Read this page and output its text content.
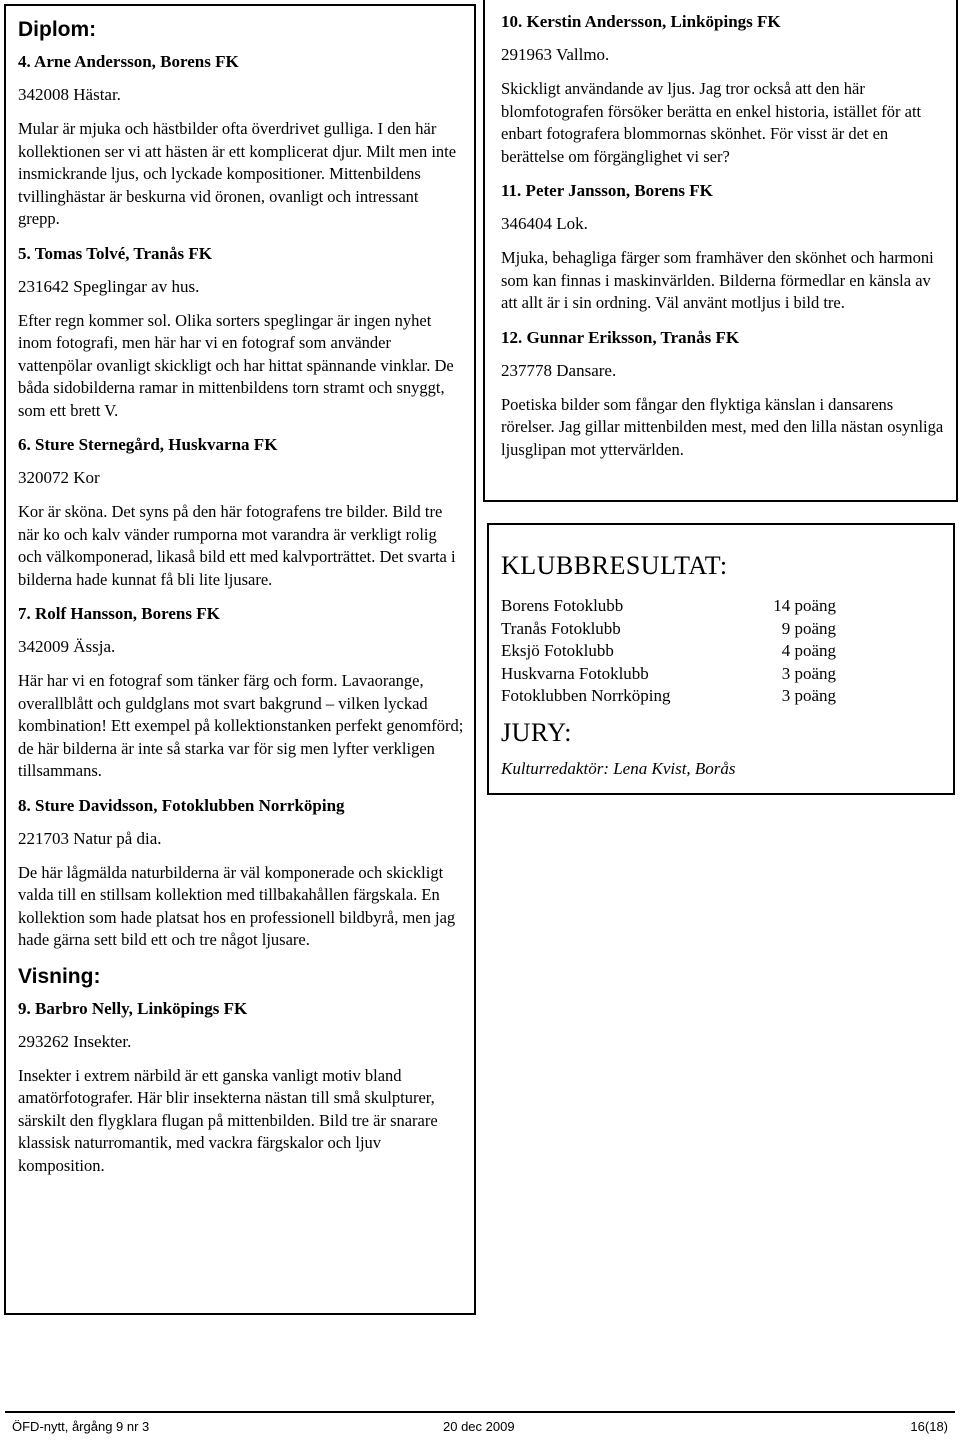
Diplom:
4. Arne Andersson, Borens FK
342008 Hästar.
Mular är mjuka och hästbilder ofta överdrivet gulliga. I den här kollektionen ser vi att hästen är ett komplicerat djur. Milt men inte insmickrande ljus, och lyckade kompositioner. Mittenbildens tvillinghästar är beskurna vid öronen, ovanligt och intressant grepp.
5. Tomas Tolvé, Tranås FK
231642 Speglingar av hus.
Efter regn kommer sol. Olika sorters speglingar är ingen nyhet inom fotografi, men här har vi en fotograf som använder vattenpölar ovanligt skickligt och har hittat spännande vinklar. De båda sidobilderna ramar in mittenbildens torn stramt och snyggt, som ett brett V.
6. Sture Sternegård, Huskvarna FK
320072 Kor
Kor är sköna. Det syns på den här fotografens tre bilder. Bild tre när ko och kalv vänder rumporna mot varandra är verkligt rolig och välkomponerad, likaså bild ett med kalvporträttet. Det svarta i bilderna hade kunnat få bli lite ljusare.
7. Rolf Hansson, Borens FK
342009 Ässja.
Här har vi en fotograf som tänker färg och form. Lavaorange, overallblått och guldglans mot svart bakgrund – vilken lyckad kombination! Ett exempel på kollektionstanken perfekt genomförd; de här bilderna är inte så starka var för sig men lyfter verkligen tillsammans.
8. Sture Davidsson, Fotoklubben Norrköping
221703 Natur på dia.
De här lågmälda naturbilderna är väl komponerade och skickligt valda till en stillsam kollektion med tillbakahållen färgskala. En kollektion som hade platsat hos en professionell bildbyrå, men jag hade gärna sett bild ett och tre något ljusare.
Visning:
9. Barbro Nelly, Linköpings FK
293262 Insekter.
Insekter i extrem närbild är ett ganska vanligt motiv bland amatörfotografer. Här blir insekterna nästan till små skulpturer, särskilt den flygklara flugan på mittenbilden. Bild tre är snarare klassisk naturromantik, med vackra färgskalor och ljuv komposition.
10. Kerstin Andersson, Linköpings FK
291963 Vallmo.
Skickligt användande av ljus. Jag tror också att den här blomfotografen försöker berätta en enkel historia, istället för att enbart fotografera blommornas skönhet. För visst är det en berättelse om förgänglighet vi ser?
11. Peter Jansson, Borens FK
346404 Lok.
Mjuka, behagliga färger som framhäver den skönhet och harmoni som kan finnas i maskinvärlden. Bilderna förmedlar en känsla av att allt är i sin ordning. Väl använt motljus i bild tre.
12. Gunnar Eriksson, Tranås FK
237778 Dansare.
Poetiska bilder som fångar den flyktiga känslan i dansarens rörelser. Jag gillar mittenbilden mest, med den lilla nästan osynliga ljusglipan mot yttervärlden.
KLUBBRESULTAT:
Borens Fotoklubb	14 poäng
Tranås Fotoklubb	9 poäng
Eksjö Fotoklubb	4 poäng
Huskvarna Fotoklubb	3 poäng
Fotoklubben Norrköping	3 poäng
JURY:
Kulturredaktör: Lena Kvist, Borås
ÖFD-nytt, årgång 9 nr 3	20 dec 2009	16(18)
